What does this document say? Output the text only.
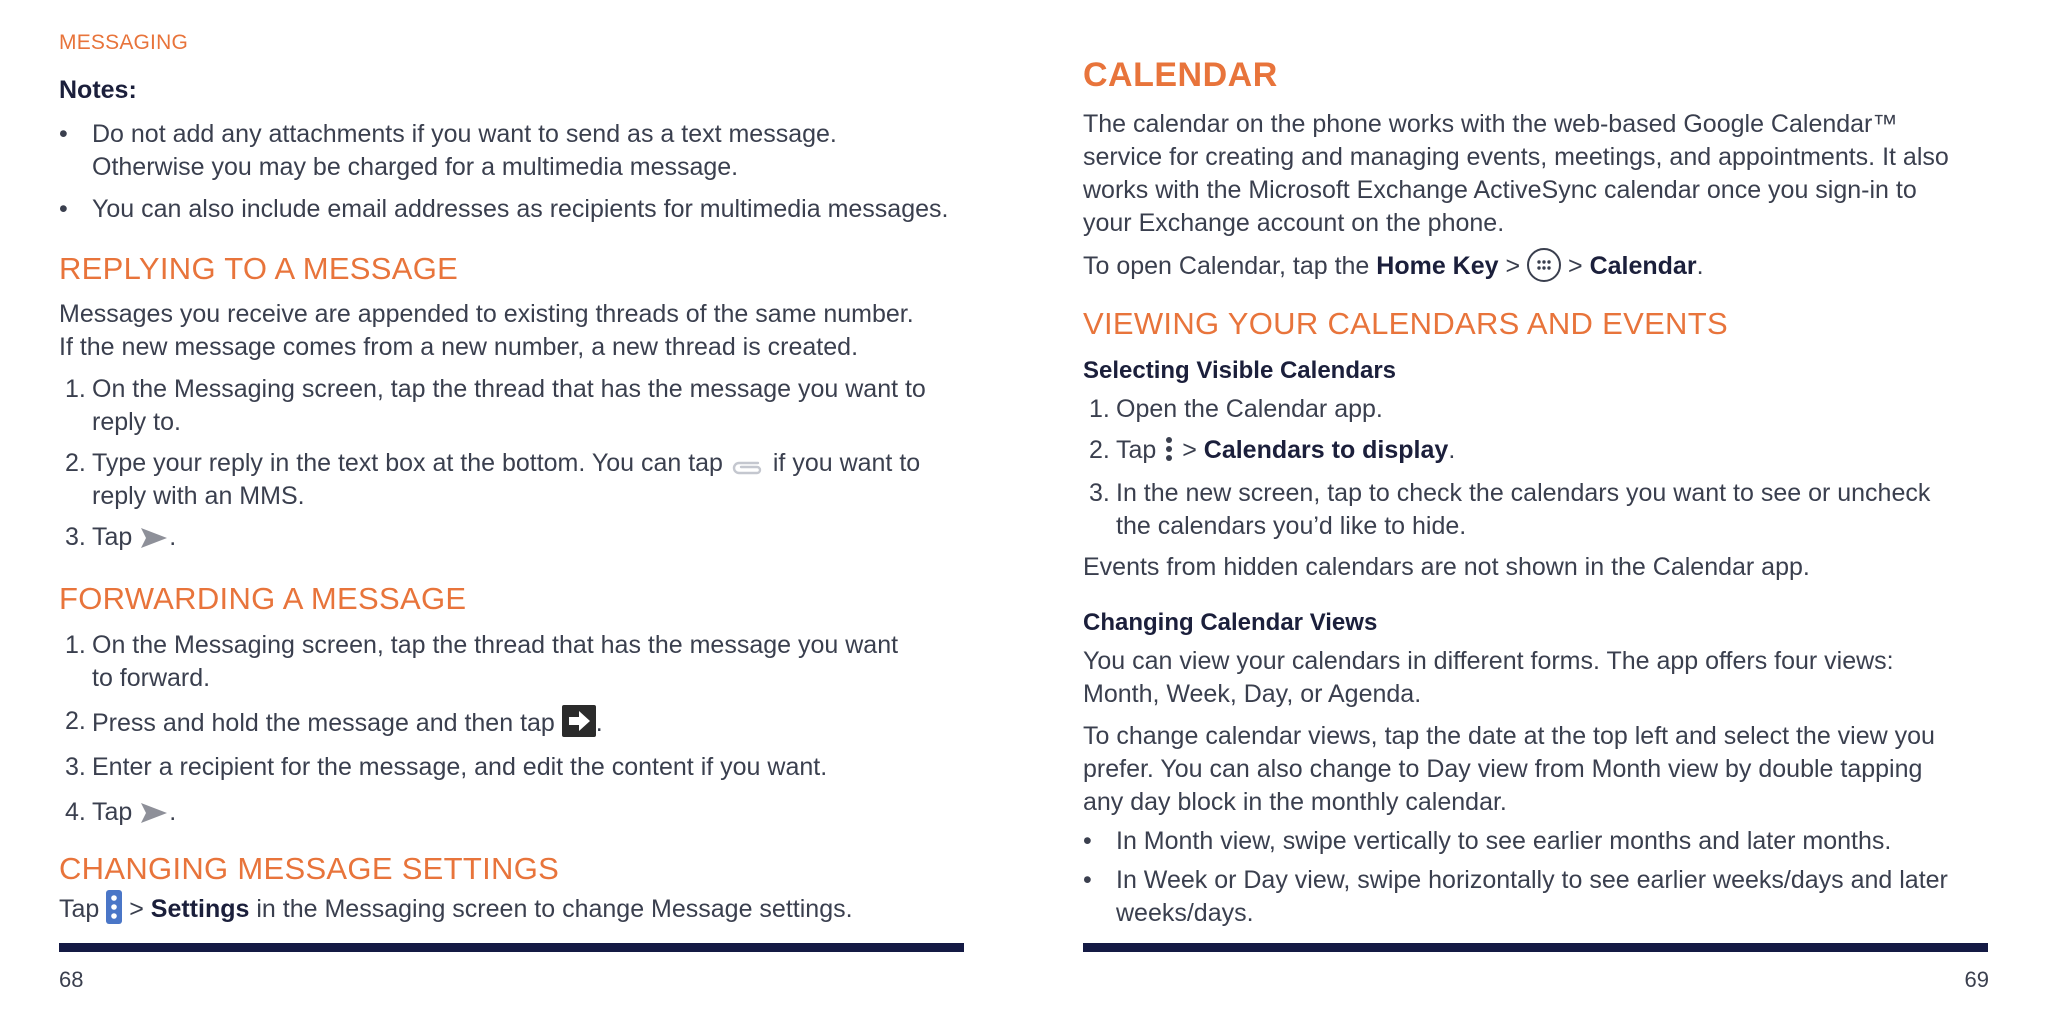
MESSAGING
Notes:
• Do not add any attachments if you want to send as a text message.
Otherwise you may be charged for a multimedia message.
• You can also include email addresses as recipients for multimedia messages.
REPLYING TO A MESSAGE
Messages you receive are appended to existing threads of the same number.
If the new message comes from a new number, a new thread is created.
1. On the Messaging screen, tap the thread that has the message you want to
reply to.
2. Type your reply in the text box at the bottom. You can tap if you want to
reply with an MMS.
3. Tap .
FORWARDING A MESSAGE
1. On the Messaging screen, tap the thread that has the message you want
to forward.
2. Press and hold the message and then tap .
3. Enter a recipient for the message, and edit the content if you want.
4. Tap .
CHANGING MESSAGE SETTINGS
Tap > Settings in the Messaging screen to change Message settings.
68
CALENDAR
The calendar on the phone works with the web-based Google Calendar™
service for creating and managing events, meetings, and appointments. It also
works with the Microsoft Exchange ActiveSync calendar once you sign-in to
your Exchange account on the phone.
To open Calendar, tap the Home Key > > Calendar.
VIEWING YOUR CALENDARS AND EVENTS
Selecting Visible Calendars
1. Open the Calendar app.
2. Tap > Calendars to display.
3. In the new screen, tap to check the calendars you want to see or uncheck
the calendars you’d like to hide.
Events from hidden calendars are not shown in the Calendar app.
Changing Calendar Views
You can view your calendars in different forms. The app offers four views:
Month, Week, Day, or Agenda.
To change calendar views, tap the date at the top left and select the view you
prefer. You can also change to Day view from Month view by double tapping
any day block in the monthly calendar.
• In Month view, swipe vertically to see earlier months and later months.
• In Week or Day view, swipe horizontally to see earlier weeks/days and later
weeks/days.
69
